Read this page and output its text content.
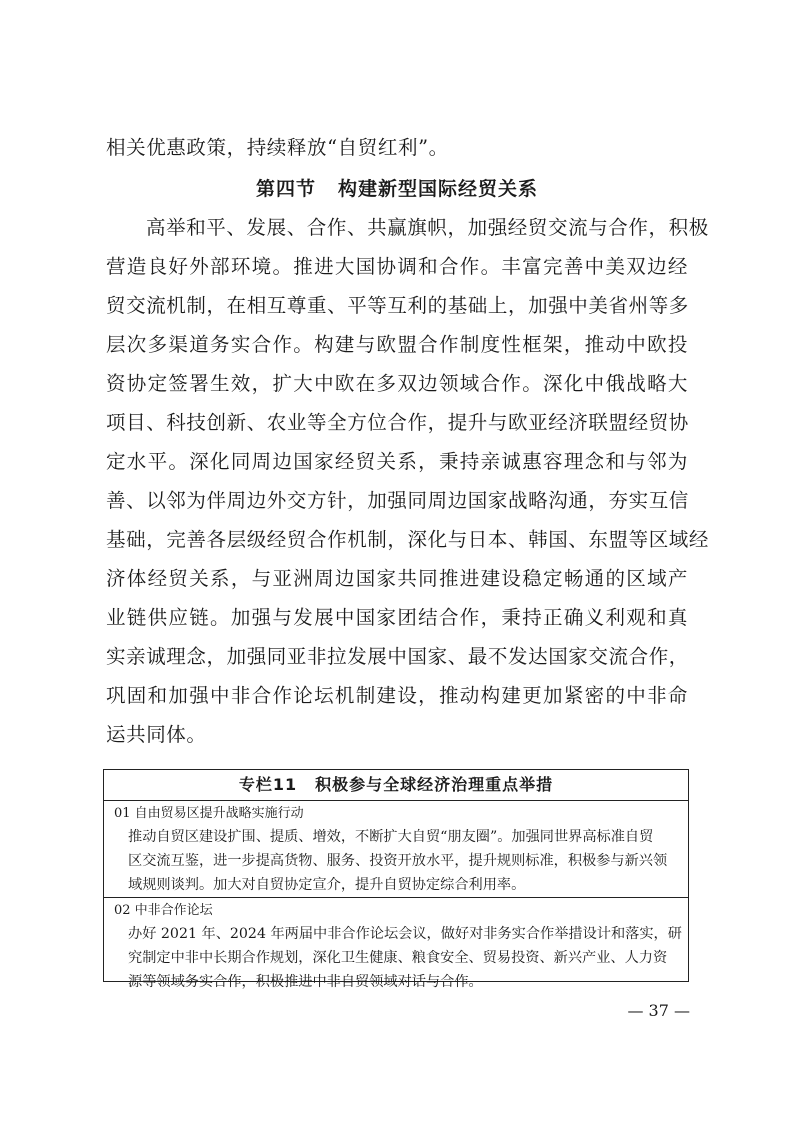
相关优惠政策，持续释放“自贸红利”。
第四节 构建新型国际经贸关系
高举和平、发展、合作、共赢旗帜，加强经贸交流与合作，积极
营造良好外部环境。推进大国协调和合作。丰富完善中美双边经
贸交流机制，在相互尊重、平等互利的基础上，加强中美省州等多
层次多渠道务实合作。构建与欧盟合作制度性框架，推动中欧投
资协定签署生效，扩大中欧在多双边领域合作。深化中俄战略大
项目、科技创新、农业等全方位合作，提升与欧亚经济联盟经贸协
定水平。深化同周边国家经贸关系，秉持亲诚惠容理念和与邻为
善、以邻为伴周边外交方针，加强同周边国家战略沟通，夯实互信
基础，完善各层级经贸合作机制，深化与日本、韩国、东盟等区域经
济体经贸关系，与亚洲周边国家共同推进建设稳定畅通的区域产
业链供应链。加强与发展中国家团结合作，秉持正确义利观和真
实亲诚理念，加强同亚非拉发展中国家、最不发达国家交流合作，
巩固和加强中非合作论坛机制建设，推动构建更加紧密的中非命
运共同体。
专栏11 积极参与全球经济治理重点举措
01 自由贸易区提升战略实施行动
推动自贸区建设扩围、提质、增效，不断扩大自贸“朋友圈”。加强同世界高标准自贸
区交流互鉴，进一步提高货物、服务、投资开放水平，提升规则标准，积极参与新兴领
域规则谈判。加大对自贸协定宣介，提升自贸协定综合利用率。
02 中非合作论坛
办好 2021 年、2024 年两届中非合作论坛会议，做好对非务实合作举措设计和落实，研
究制定中非中长期合作规划，深化卫生健康、粮食安全、贸易投资、新兴产业、人力资
源等领域务实合作，积极推进中非自贸领域对话与合作。
— 37 —
